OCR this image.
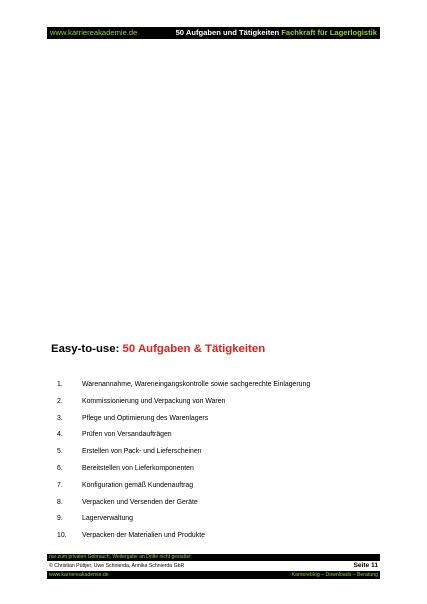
www.karriereakademie.de	50 Aufgaben und Tätigkeiten Fachkraft für Lagerlogistik
Easy-to-use: 50 Aufgaben & Tätigkeiten
1.	Warenannahme, Wareneingangskontrolle sowie sachgerechte Einlagerung
2.	Kommissionierung und Verpackung von Waren
3.	Pflege und Optimierung des Warenlagers
4.	Prüfen von Versandaufträgen
5.	Erstellen von Pack- und Lieferscheinen
6.	Bereitstellen von Lieferkomponenten
7.	Konfiguration gemäß Kundenauftrag
8.	Verpacken und Versenden der Geräte
9.	Lagerverwaltung
10.	Verpacken der Materialien und Produkte
nur zum privaten Gebrauch, Weitergabe an Dritte nicht gestattet
© Christian Püttjer, Uwe Schnierda, Annika Schnierda GbR	Seite 11
www.karriereakademie.de	Karriereblog – Downloads – Beratung
